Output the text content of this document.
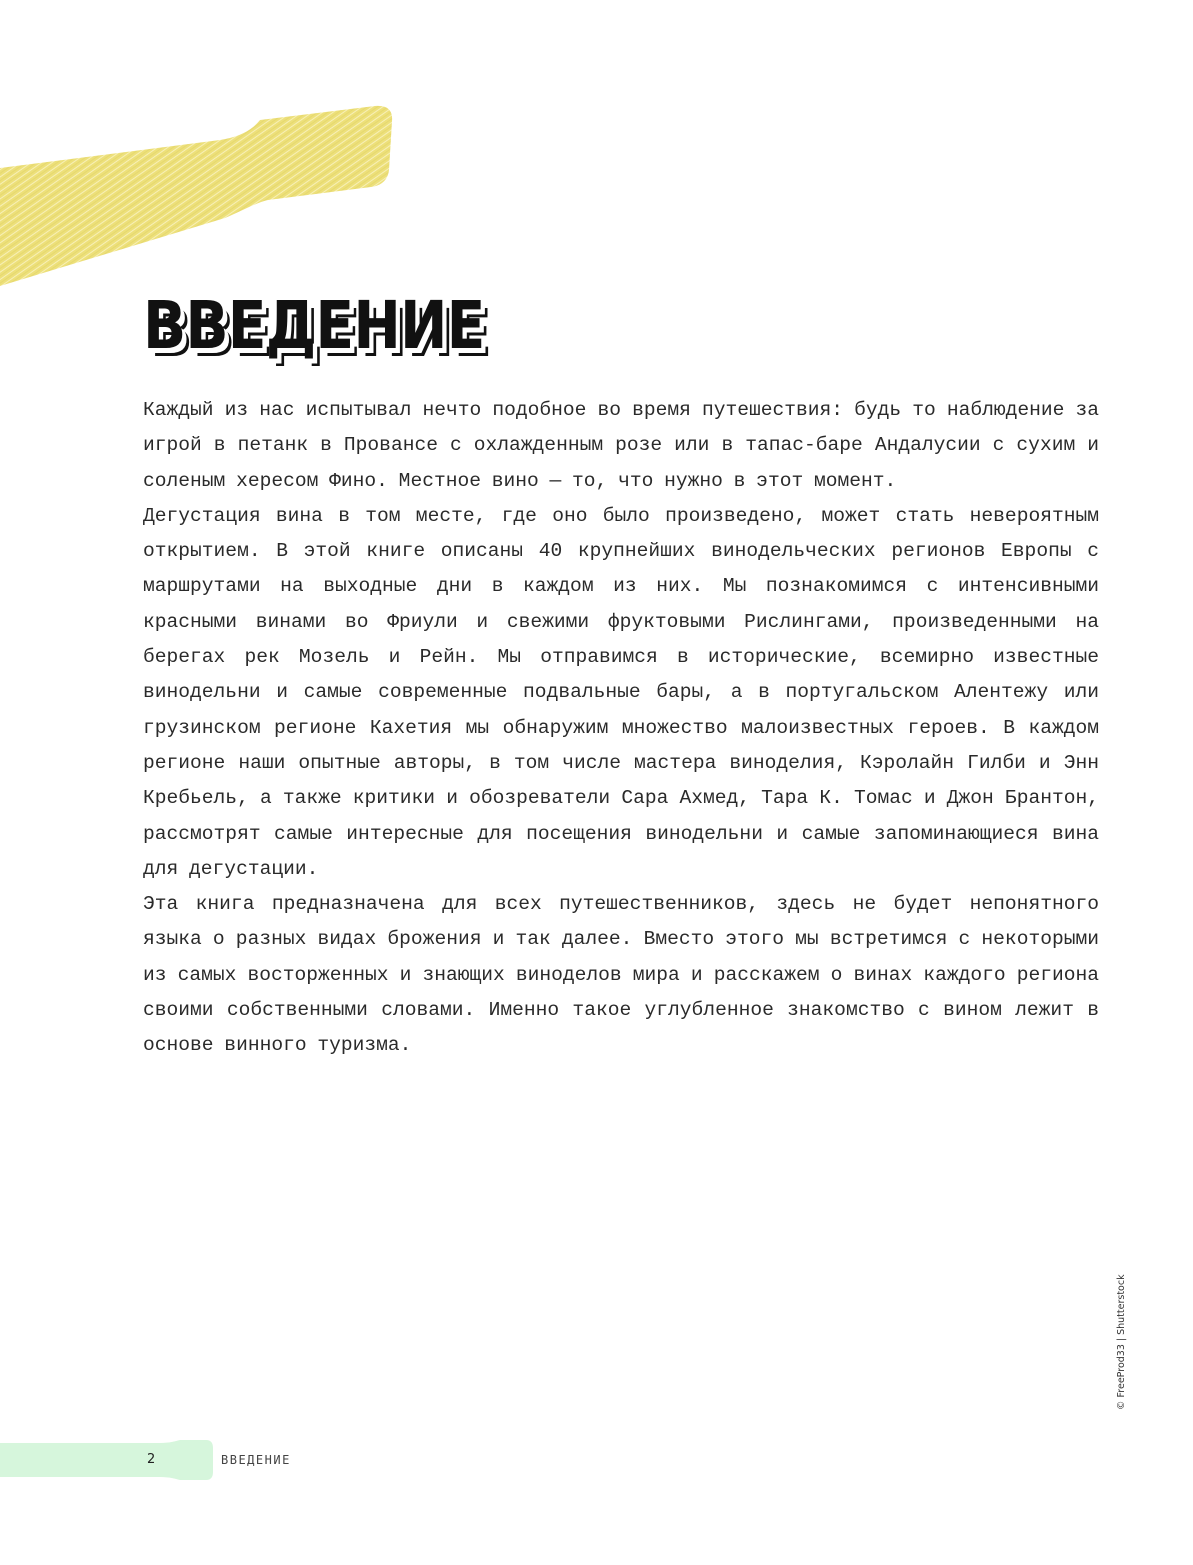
ВВЕДЕНИЕ

Каждый из нас испытывал нечто подобное во время путешествия: будь то наблюдение за игрой в петанк в Провансе с охлажденным розе или в тапас-баре Андалусии с сухим и соленым хересом Фино. Местное вино — то, что нужно в этот момент.

Дегустация вина в том месте, где оно было произведено, может стать невероятным открытием. В этой книге описаны 40 крупнейших винодельческих регионов Европы с маршрутами на выходные дни в каждом из них. Мы познакомимся с интенсивными красными винами во Фриули и свежими фруктовыми Рислингами, произведенными на берегах рек Мозель и Рейн. Мы отправимся в исторические, всемирно известные винодельни и самые современные подвальные бары, а в португальском Алентежу или грузинском регионе Кахетия мы обнаружим множество малоизвестных героев. В каждом регионе наши опытные авторы, в том числе мастера виноделия, Кэролайн Гилби и Энн Кребьель, а также критики и обозреватели Сара Ахмед, Тара К. Томас и Джон Брантон, рассмотрят самые интересные для посещения винодельни и самые запоминающиеся вина для дегустации.

Эта книга предназначена для всех путешественников, здесь не будет непонятного языка о разных видах брожения и так далее. Вместо этого мы встретимся с некоторыми из самых восторженных и знающих виноделов мира и расскажем о винах каждого региона своими собственными словами. Именно такое углубленное знакомство с вином лежит в основе винного туризма.

© FreeProd33 | Shutterstock
2	ВВЕДЕНИЕ
